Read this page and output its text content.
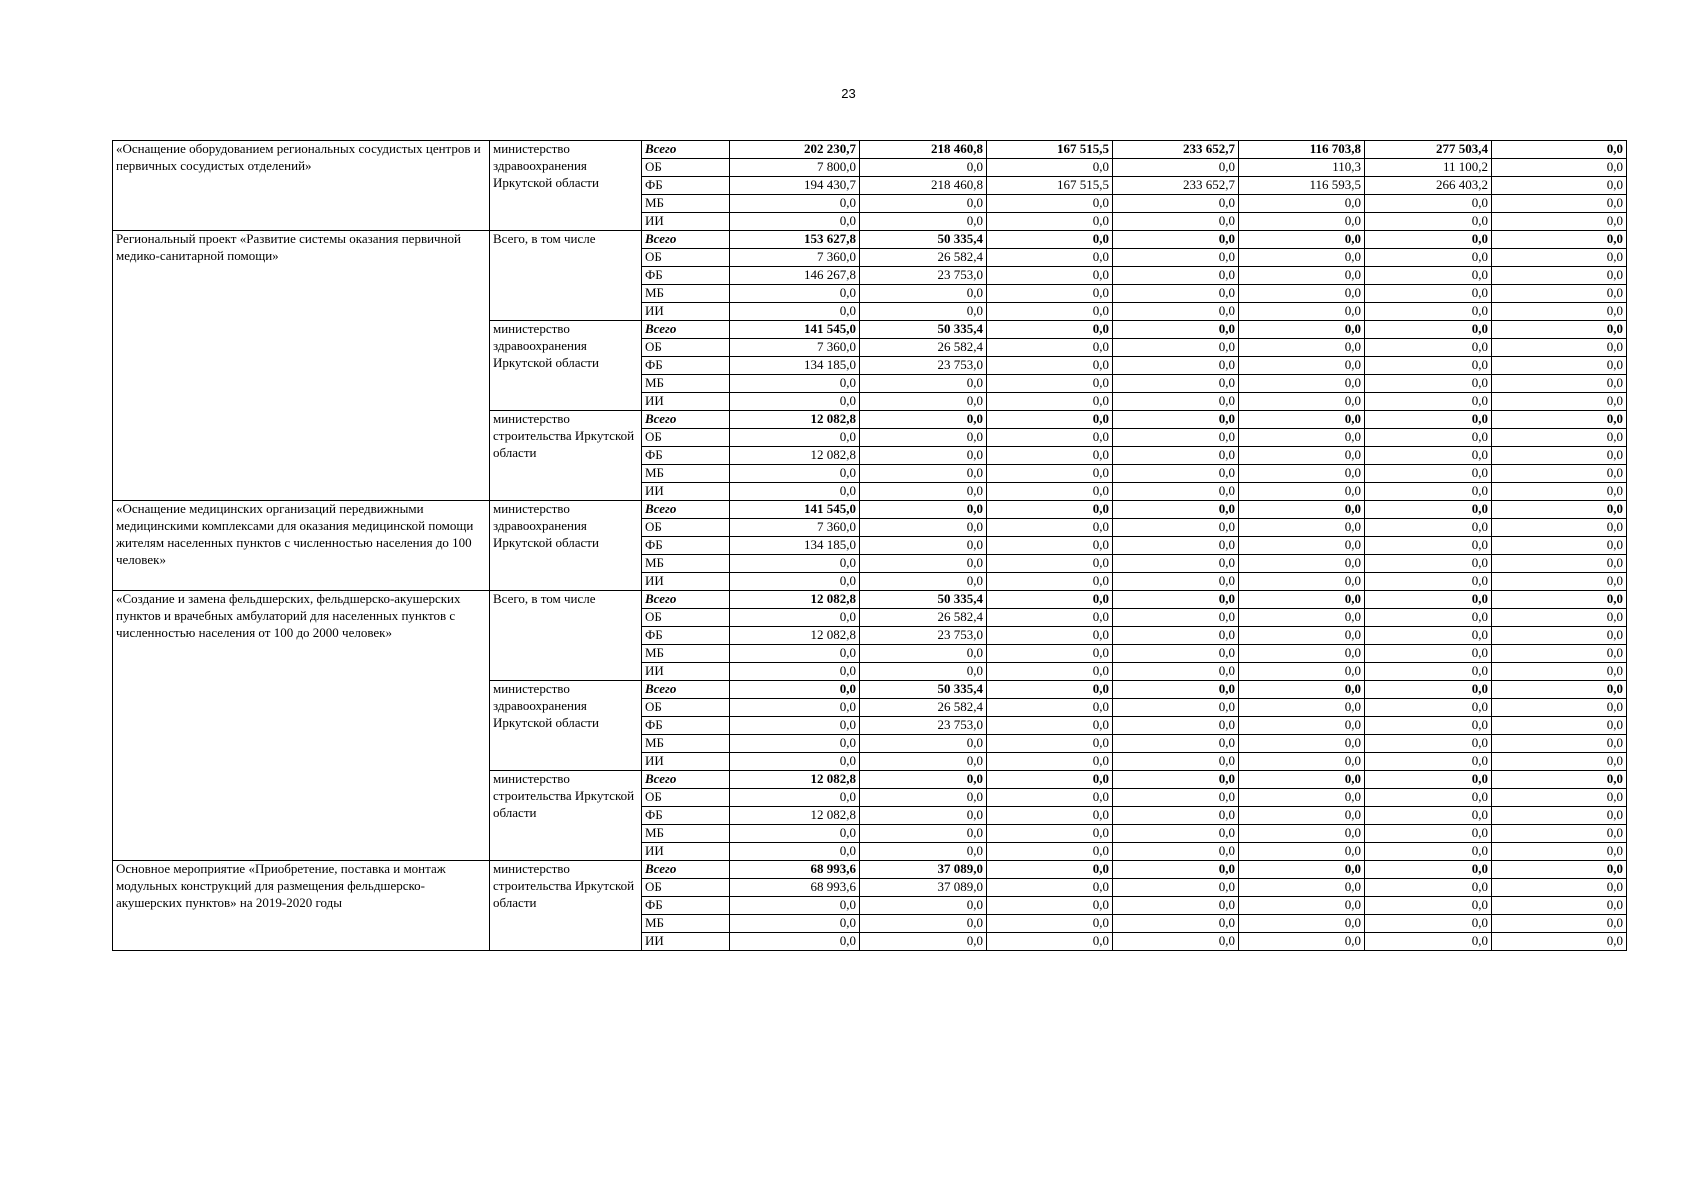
23
«Оснащение оборудованием региональных сосудистых центров и первичных сосудистых отделений»	министерство здравоохранения Иркутской области	Всего	202 230,7	218 460,8	167 515,5	233 652,7	116 703,8	277 503,4	0,0
		ОБ	7 800,0	0,0	0,0	0,0	110,3	11 100,2	0,0
		ФБ	194 430,7	218 460,8	167 515,5	233 652,7	116 593,5	266 403,2	0,0
		МБ	0,0	0,0	0,0	0,0	0,0	0,0	0,0
		ИИ	0,0	0,0	0,0	0,0	0,0	0,0	0,0
Региональный проект «Развитие системы оказания первичной медико-санитарной помощи»	Всего, в том числе	Всего	153 627,8	50 335,4	0,0	0,0	0,0	0,0	0,0
		ОБ	7 360,0	26 582,4	0,0	0,0	0,0	0,0	0,0
		ФБ	146 267,8	23 753,0	0,0	0,0	0,0	0,0	0,0
		МБ	0,0	0,0	0,0	0,0	0,0	0,0	0,0
		ИИ	0,0	0,0	0,0	0,0	0,0	0,0	0,0
	министерство здравоохранения Иркутской области	Всего	141 545,0	50 335,4	0,0	0,0	0,0	0,0	0,0
		ОБ	7 360,0	26 582,4	0,0	0,0	0,0	0,0	0,0
		ФБ	134 185,0	23 753,0	0,0	0,0	0,0	0,0	0,0
		МБ	0,0	0,0	0,0	0,0	0,0	0,0	0,0
		ИИ	0,0	0,0	0,0	0,0	0,0	0,0	0,0
	министерство строительства Иркутской области	Всего	12 082,8	0,0	0,0	0,0	0,0	0,0	0,0
		ОБ	0,0	0,0	0,0	0,0	0,0	0,0	0,0
		ФБ	12 082,8	0,0	0,0	0,0	0,0	0,0	0,0
		МБ	0,0	0,0	0,0	0,0	0,0	0,0	0,0
		ИИ	0,0	0,0	0,0	0,0	0,0	0,0	0,0
«Оснащение медицинских организаций передвижными медицинскими комплексами для оказания медицинской помощи жителям населенных пунктов с численностью населения до 100 человек»	министерство здравоохранения Иркутской области	Всего	141 545,0	0,0	0,0	0,0	0,0	0,0	0,0
		ОБ	7 360,0	0,0	0,0	0,0	0,0	0,0	0,0
		ФБ	134 185,0	0,0	0,0	0,0	0,0	0,0	0,0
		МБ	0,0	0,0	0,0	0,0	0,0	0,0	0,0
		ИИ	0,0	0,0	0,0	0,0	0,0	0,0	0,0
«Создание и замена фельдшерских, фельдшерско-акушерских пунктов и врачебных амбулаторий для населенных пунктов с численностью населения от 100 до 2000 человек»	Всего, в том числе	Всего	12 082,8	50 335,4	0,0	0,0	0,0	0,0	0,0
		ОБ	0,0	26 582,4	0,0	0,0	0,0	0,0	0,0
		ФБ	12 082,8	23 753,0	0,0	0,0	0,0	0,0	0,0
		МБ	0,0	0,0	0,0	0,0	0,0	0,0	0,0
		ИИ	0,0	0,0	0,0	0,0	0,0	0,0	0,0
	министерство здравоохранения Иркутской области	Всего	0,0	50 335,4	0,0	0,0	0,0	0,0	0,0
		ОБ	0,0	26 582,4	0,0	0,0	0,0	0,0	0,0
		ФБ	0,0	23 753,0	0,0	0,0	0,0	0,0	0,0
		МБ	0,0	0,0	0,0	0,0	0,0	0,0	0,0
		ИИ	0,0	0,0	0,0	0,0	0,0	0,0	0,0
	министерство строительства Иркутской области	Всего	12 082,8	0,0	0,0	0,0	0,0	0,0	0,0
		ОБ	0,0	0,0	0,0	0,0	0,0	0,0	0,0
		ФБ	12 082,8	0,0	0,0	0,0	0,0	0,0	0,0
		МБ	0,0	0,0	0,0	0,0	0,0	0,0	0,0
		ИИ	0,0	0,0	0,0	0,0	0,0	0,0	0,0
Основное мероприятие «Приобретение, поставка и монтаж модульных конструкций для размещения фельдшерско-акушерских пунктов» на 2019-2020 годы	министерство строительства Иркутской области	Всего	68 993,6	37 089,0	0,0	0,0	0,0	0,0	0,0
		ОБ	68 993,6	37 089,0	0,0	0,0	0,0	0,0	0,0
		ФБ	0,0	0,0	0,0	0,0	0,0	0,0	0,0
		МБ	0,0	0,0	0,0	0,0	0,0	0,0	0,0
		ИИ	0,0	0,0	0,0	0,0	0,0	0,0	0,0
